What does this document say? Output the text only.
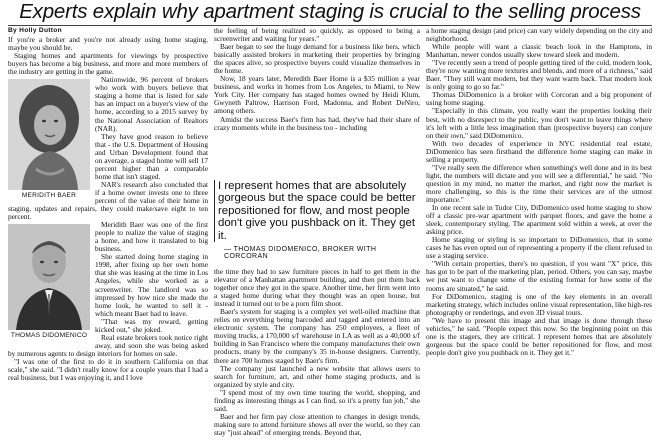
Experts explain why apartment staging is crucial to the selling process

By Holly Dutton

If you're a broker and you're not already using home staging, maybe you should be.

Staging homes and apartments for viewings by prospective buyers has become a big business, and more and more members of the industry are getting in the game.

MERIDITH BAER

Nationwide, 96 percent of brokers who work with buyers believe that staging a home that is listed for sale has an impact on a buyer's view of the home, according to a 2015 survey by the National Association of Realtors (NAR).

They have good reason to believe that - the U.S. Department of Housing and Urban Development found that on average, a staged home will sell 17 percent higher than a comparable home that isn't staged.

NAR's research also concluded that if a home owner invests one to three percent of the value of their home in staging, updates and repairs, they could make/save eight to ten percent.

THOMAS DIDOMENICO

Meridith Baer was one of the first people to realize the value of staging a home, and how it translated to big business.

She started doing home staging in 1998, after fixing up her own home that she was leasing at the time in Los Angeles, while she worked as a screenwriter. The landlord was so impressed by how nice she made the home look, he wanted to sell it - which meant Baer had to leave.

"That was my reward, getting kicked out," she joked.

Real estate brokers took notice right away, and soon she was being asked by numerous agents to design interiors for homes on sale.

"I was one of the first to do it in southern California on that scale," she said. "I didn't really know for a couple years that I had a real business, but I was enjoying it, and I love

the feeling of being realized so quickly, as opposed to being a screenwriter and waiting for years."

Baer began to see the huge demand for a business like hers, which basically assisted brokers in marketing their properties by bringing the spaces alive, so prospective buyers could visualize themselves in the home.

Now, 18 years later, Meredith Baer Home is a $35 million a year business, and works in homes from Los Angeles, to Miami, to New York City. Her company has staged homes owned by Heidi Klum, Gwyneth Paltrow, Harrison Ford, Madonna, and Robert DeNiro, among others.

Amidst the success Baer's firm has had, they've had their share of crazy moments while in the business too - including

I represent homes that are absolutely gorgeous but the space could be better repositioned for flow, and most people don't give you pushback on it. They get it.

— THOMAS DIDOMENICO, BROKER WITH CORCORAN

the time they had to saw furniture pieces in half to get them in the elevator of a Manhattan apartment building, and then put them back together once they got in the space. Another time, her firm went into a staged home during what they thought was an open house, but instead it turned out to be a porn film shoot.

Baer's system for staging is a complex yet well-oiled machine that relies on everything being barcoded and tagged and entered into an electronic system. The company has 250 employees, a fleet of moving trucks, a 170,000 s/f warehouse in LA as well as a 40,000 s/f building in San Francisco where the company manufactures their own products, many by the company's 35 in-house designers. Currently, there are 700 homes staged by Baer's firm.

The company just launched a new website that allows users to search for furniture, art, and other home staging products, and is organized by style and city.

"I spend most of my own time touring the world, shopping, and finding as interesting things as I can find, so it's a pretty fun job," she said.

Baer and her firm pay close attention to changes in design trends, making sure to attend furniture shows all over the world, so they can stay "just ahead" of emerging trends. Beyond that,

a home staging design (and price) can vary widely depending on the city and neighborhood.

While people will want a classic beach look in the Hamptons, in Manhattan, newer condos usually skew toward sleek and modern.

"I've recently seen a trend of people getting tired of the cold, modern look, they're now wanting more textures and blends, and more of a richness," said Baer. "They still want modern, but they want warm back. That modern look is only going to go so far."

Thomas DiDomenico is a broker with Corcoran and a big proponent of using home staging.

"Especially in this climate, you really want the properties looking their best, with no disrespect to the public, you don't want to leave things where it's left with a little less imagination than (prospective buyers) can conjure on their own," said DiDomenico.

With two decades of experience in NYC residential real estate, DiDomenico has seen firsthand the difference home staging can make in selling a property.

"I've really seen the difference when something's well done and in its best light, the numbers will dictate and you will see a differential," he said. "No question in my mind, no matter the market, and right now the market is more challenging, so this is the time their services are of the utmost importance."

In one recent sale in Tudor City, DiDomenico used home staging to show off a classic pre-war apartment with parquet floors, and gave the home a sleek, contemporary styling. The apartment sold within a week, at over the asking price.

Home staging or styling is so important to DiDomenico, that in some cases he has even opted out of representing a property if the client refused to use a staging service.

"With certain properties, there's no question, if you want "X" price, this has got to be part of the marketing plan, period. Others, you can say, maybe we just want to change some of the existing format for how some of the rooms are situated," he said.

For DiDomenico, staging is one of the key elements in an overall marketing strategy, which includes online visual representation, like high-res photography or renderings, and even 3D visual tours.

"We have to present this image and that image is done through these vehicles," he said. "People expect this now. So the beginning point on this one is the stagers, they are critical. I represent homes that are absolutely gorgeous but the space could be better repositioned for flow, and most people don't give you pushback on it. They get it."
